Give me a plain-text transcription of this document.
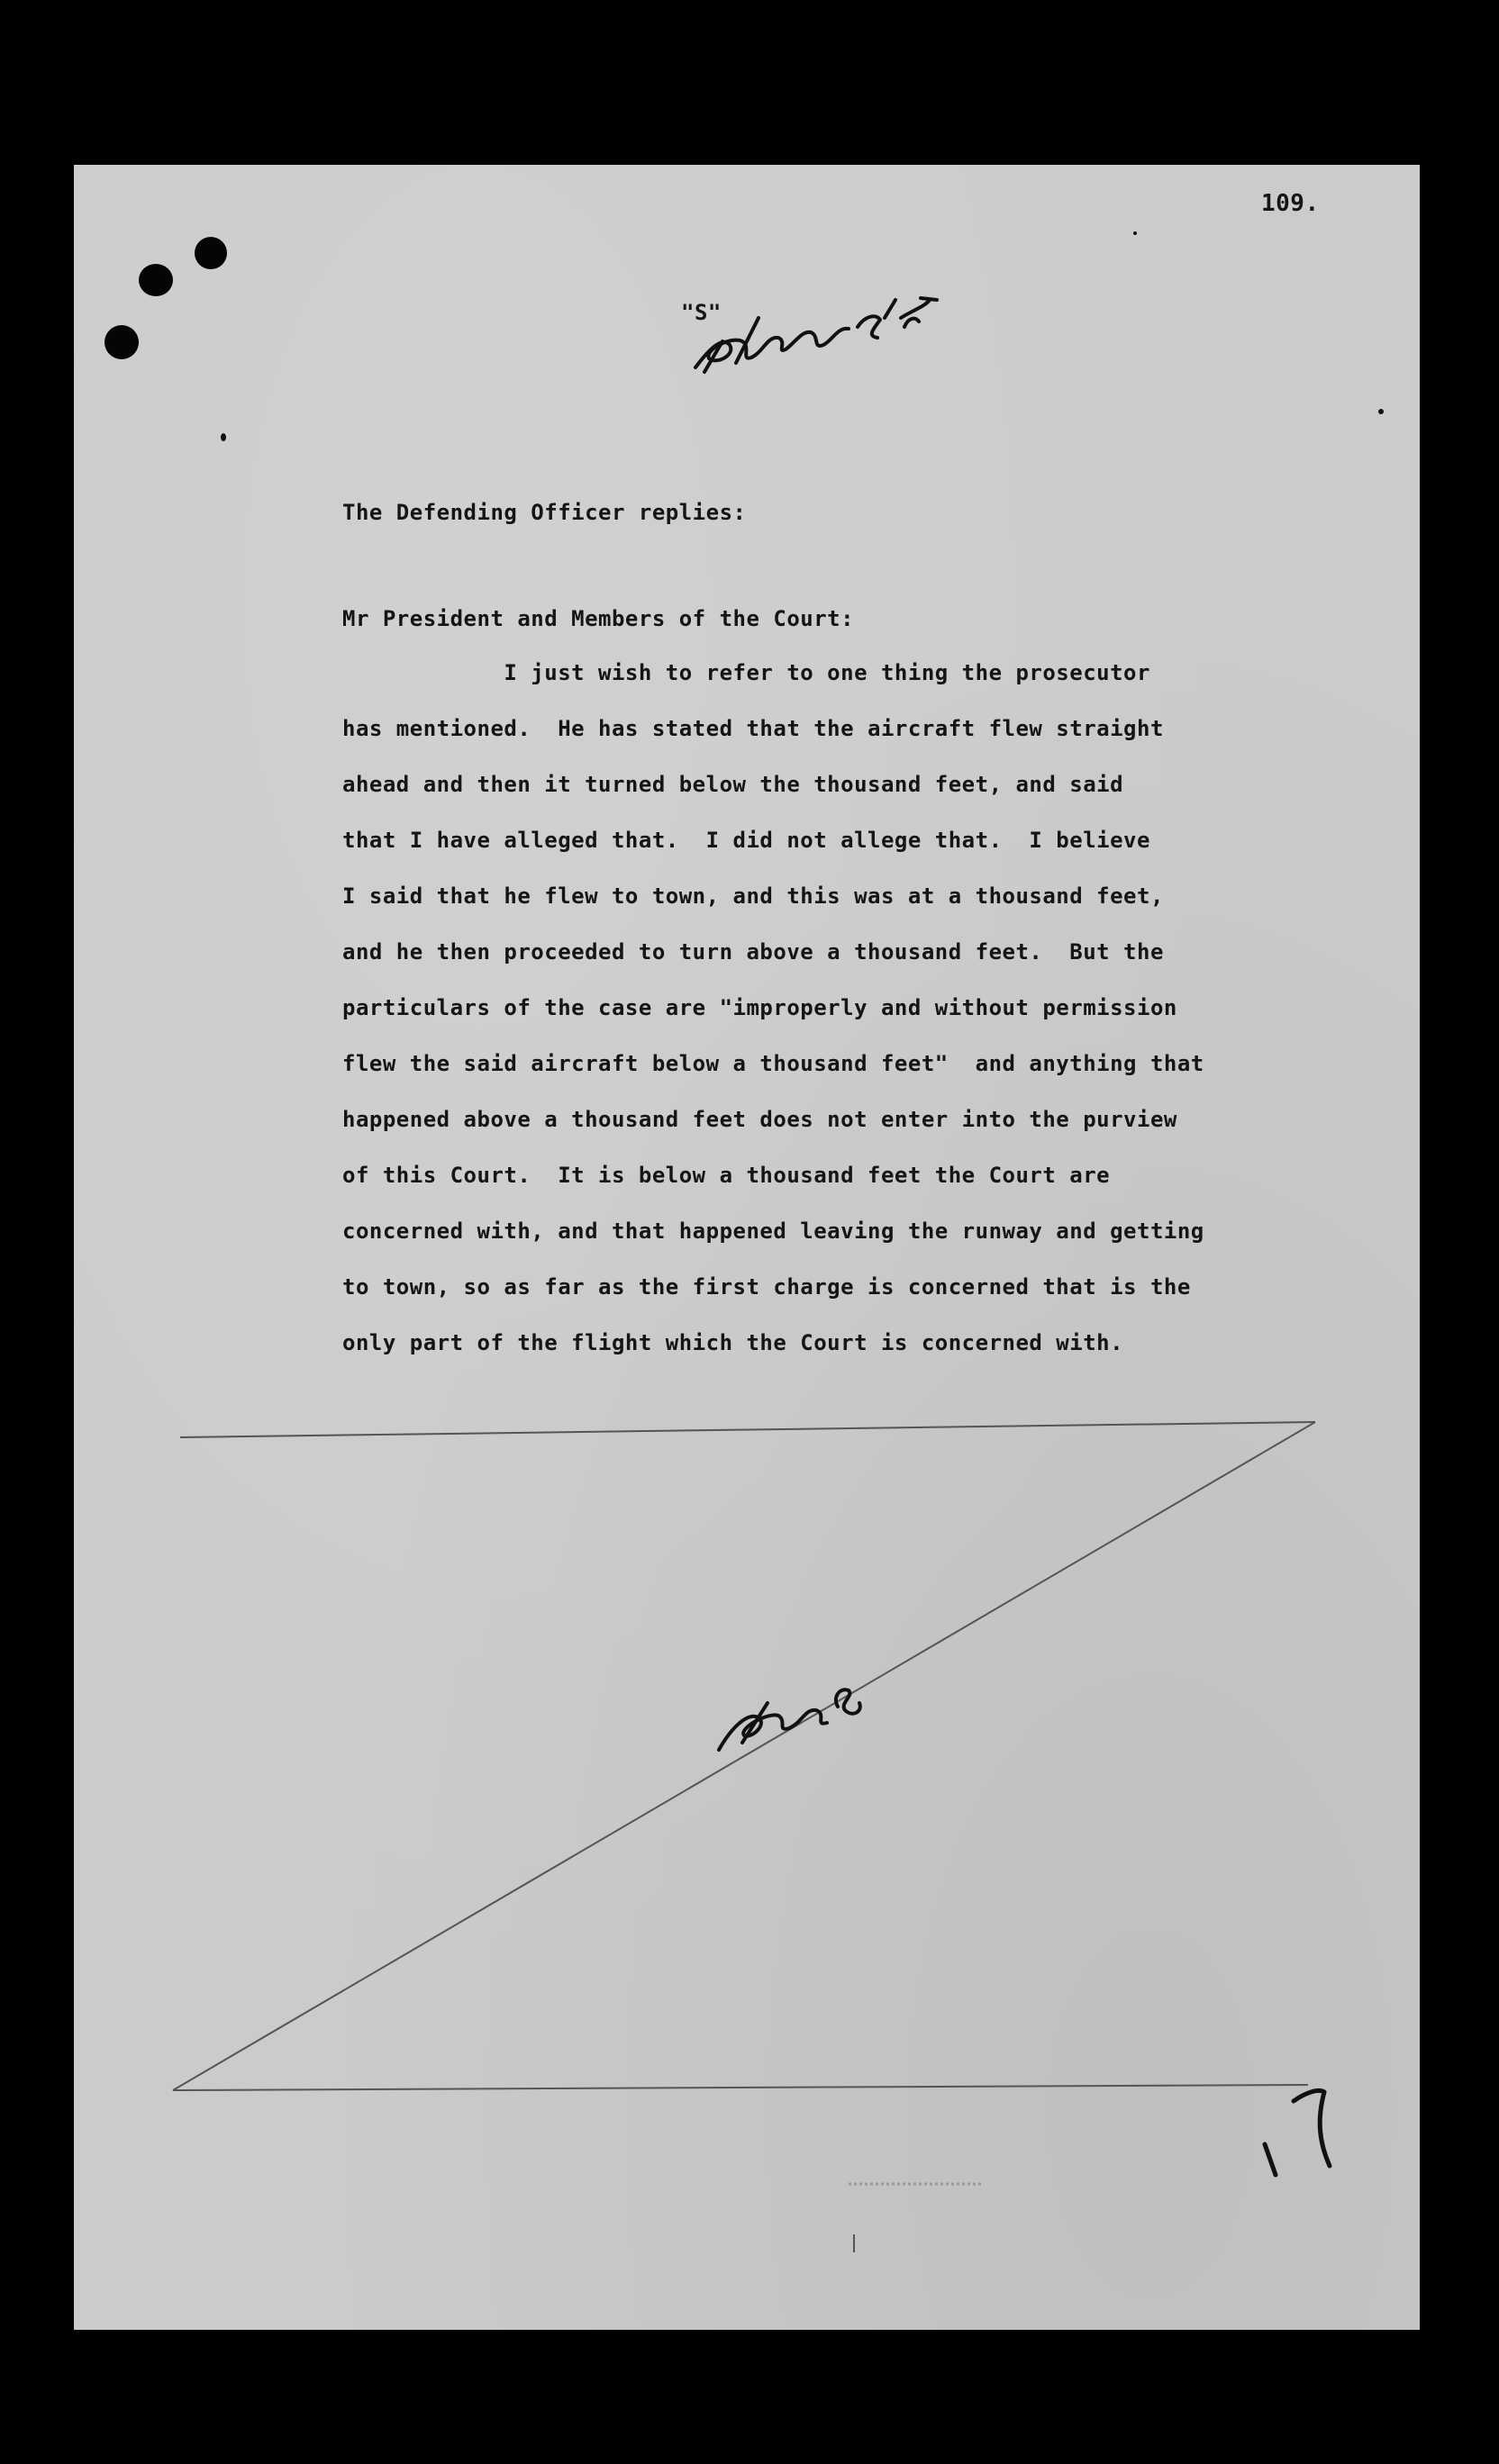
109.
"S"
The Defending Officer replies:
Mr President and Members of the Court:
I just wish to refer to one thing the prosecutor
has mentioned.  He has stated that the aircraft flew straight
ahead and then it turned below the thousand feet, and said
that I have alleged that.  I did not allege that.  I believe
I said that he flew to town, and this was at a thousand feet,
and he then proceeded to turn above a thousand feet.  But the
particulars of the case are "improperly and without permission
flew the said aircraft below a thousand feet"  and anything that
happened above a thousand feet does not enter into the purview
of this Court.  It is below a thousand feet the Court are
concerned with, and that happened leaving the runway and getting
to town, so as far as the first charge is concerned that is the
only part of the flight which the Court is concerned with.
